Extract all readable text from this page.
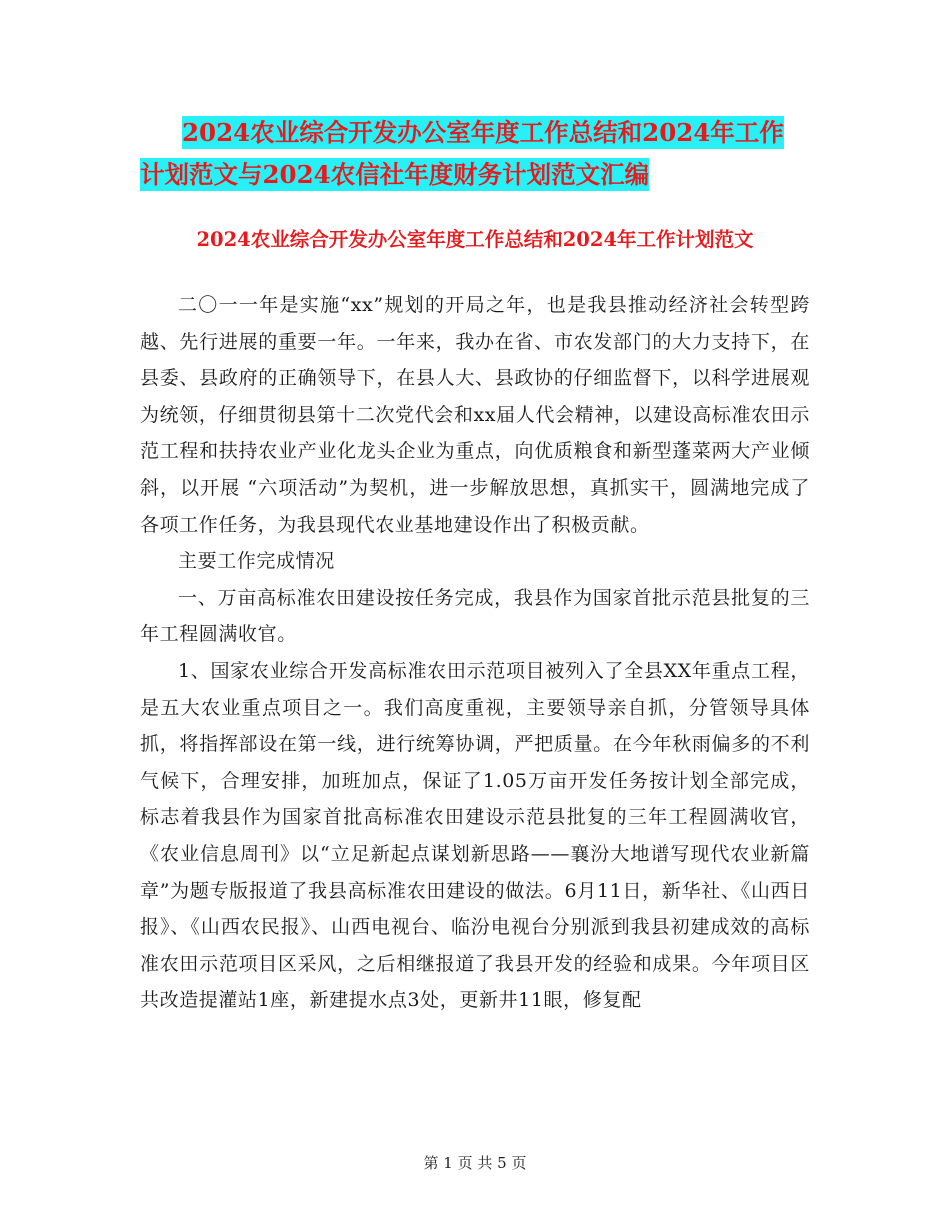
2024农业综合开发办公室年度工作总结和2024年工作
计划范文与2024农信社年度财务计划范文汇编
2024农业综合开发办公室年度工作总结和2024年工作计划范文

二〇一一年是实施“xx”规划的开局之年，也是我县推动经济社会转型跨越、先行进展的重要一年。一年来，我办在省、市农发部门的大力支持下，在县委、县政府的正确领导下，在县人大、县政协的仔细监督下，以科学进展观为统领，仔细贯彻县第十二次党代会和xx届人代会精神，以建设高标准农田示范工程和扶持农业产业化龙头企业为重点，向优质粮食和新型蓬菜两大产业倾斜，以开展 “六项活动”为契机，进一步解放思想，真抓实干，圆满地完成了各项工作任务，为我县现代农业基地建设作出了积极贡献。

主要工作完成情况

一、万亩高标准农田建设按任务完成，我县作为国家首批示范县批复的三年工程圆满收官。

1、国家农业综合开发高标准农田示范项目被列入了全县XX年重点工程，是五大农业重点项目之一。我们高度重视，主要领导亲自抓，分管领导具体抓，将指挥部设在第一线，进行统筹协调，严把质量。在今年秋雨偏多的不利气候下，合理安排，加班加点，保证了1.05万亩开发任务按计划全部完成，标志着我县作为国家首批高标准农田建设示范县批复的三年工程圆满收官，《农业信息周刊》以“立足新起点谋划新思路——襄汾大地谱写现代农业新篇章”为题专版报道了我县高标准农田建设的做法。6月11日，新华社、《山西日报》、《山西农民报》、山西电视台、临汾电视台分别派到我县初建成效的高标准农田示范项目区采风，之后相继报道了我县开发的经验和成果。今年项目区共改造提灌站1座，新建提水点3处，更新井11眼，修复配

第 1 页 共 5 页
